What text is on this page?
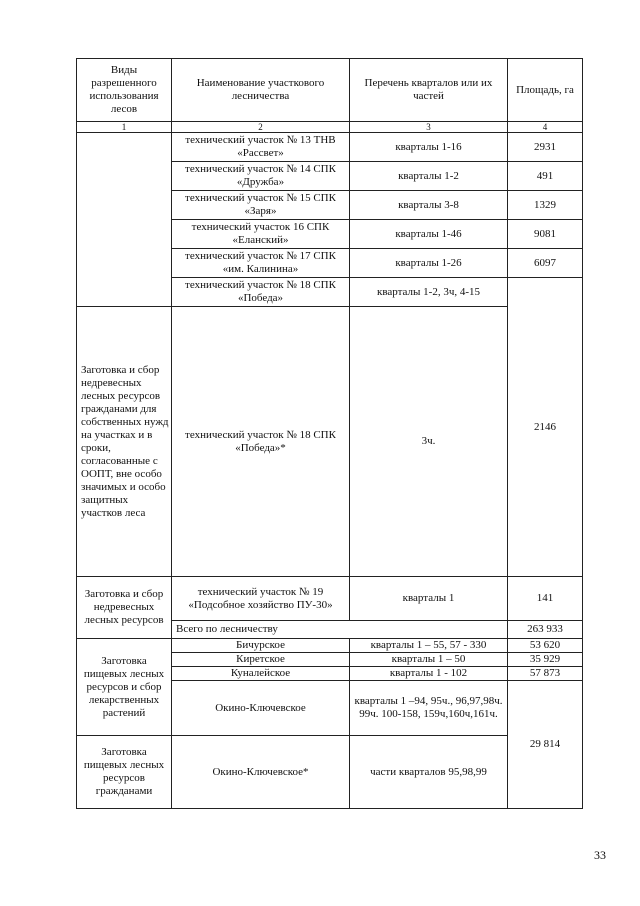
Виды разрешенного использования лесов	Наименование участкового лесничества	Перечень кварталов или их частей	Площадь, га
1	2	3	4
	технический участок № 13 ТНВ «Рассвет»	кварталы 1-16	2931
	технический участок № 14 СПК «Дружба»	кварталы 1-2	491
	технический участок № 15 СПК «Заря»	кварталы 3-8	1329
	технический участок 16 СПК «Еланский»	кварталы 1-46	9081
	технический участок № 17 СПК «им. Калинина»	кварталы 1-26	6097
	технический участок № 18 СПК «Победа»	кварталы 1-2, 3ч, 4-15	2146
Заготовка и сбор недревесных лесных ресурсов гражданами для собственных нужд на участках и в сроки, согласованные с ООПТ, вне особо значимых и особо защитных участков леса	технический участок № 18 СПК «Победа»*	3ч.	
Заготовка и сбор недревесных лесных ресурсов	технический участок № 19 «Подсобное хозяйство ПУ-30»	кварталы 1	141
	Всего по лесничеству		263 933
Заготовка пищевых лесных ресурсов и сбор лекарственных растений	Бичурское	кварталы 1 – 55, 57 - 330	53 620
	Киретское	кварталы 1 – 50	35 929
	Куналейское	кварталы 1 - 102	57 873
	Окино-Ключевское	кварталы 1 –94, 95ч., 96,97,98ч. 99ч. 100-158, 159ч,160ч,161ч.	29 814
Заготовка пищевых лесных ресурсов гражданами	Окино-Ключевское*	части кварталов 95,98,99	
33
